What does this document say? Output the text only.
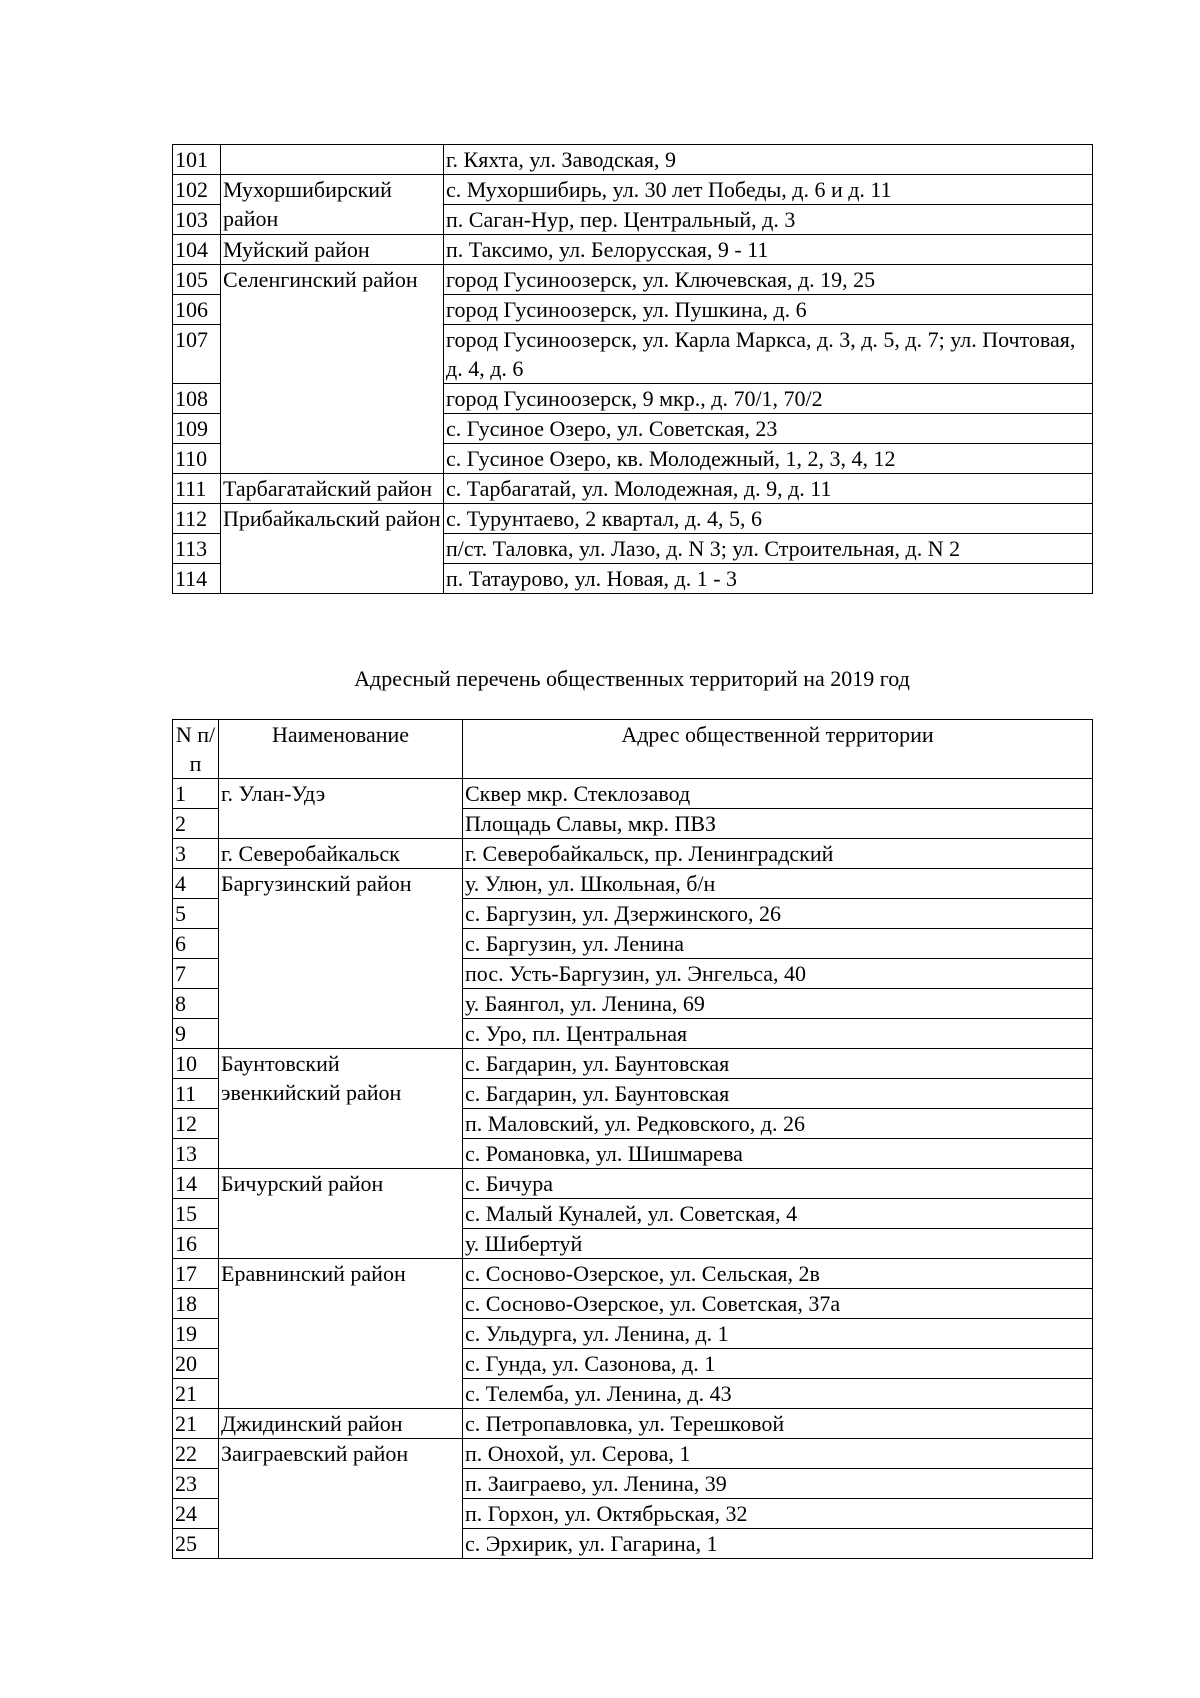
101		г. Кяхта, ул. Заводская, 9
102	Мухоршибирский район	с. Мухоршибирь, ул. 30 лет Победы, д. 6 и д. 11
103		п. Саган-Нур, пер. Центральный, д. 3
104	Муйский район	п. Таксимо, ул. Белорусская, 9 - 11
105	Селенгинский район	город Гусиноозерск, ул. Ключевская, д. 19, 25
106		город Гусиноозерск, ул. Пушкина, д. 6
107		город Гусиноозерск, ул. Карла Маркса, д. 3, д. 5, д. 7; ул. Почтовая, д. 4, д. 6
108		город Гусиноозерск, 9 мкр., д. 70/1, 70/2
109		с. Гусиное Озеро, ул. Советская, 23
110		с. Гусиное Озеро, кв. Молодежный, 1, 2, 3, 4, 12
111	Тарбагатайский район	с. Тарбагатай, ул. Молодежная, д. 9, д. 11
112	Прибайкальский район	с. Турунтаево, 2 квартал, д. 4, 5, 6
113		п/ст. Таловка, ул. Лазо, д. N 3; ул. Строительная, д. N 2
114		п. Татаурово, ул. Новая, д. 1 - 3
Адресный перечень общественных территорий на 2019 год
N п/п	Наименование	Адрес общественной территории
1	г. Улан-Удэ	Сквер мкр. Стеклозавод
2		Площадь Славы, мкр. ПВЗ
3	г. Северобайкальск	г. Северобайкальск, пр. Ленинградский
4	Баргузинский район	у. Улюн, ул. Школьная, б/н
5		с. Баргузин, ул. Дзержинского, 26
6		с. Баргузин, ул. Ленина
7		пос. Усть-Баргузин, ул. Энгельса, 40
8		у. Баянгол, ул. Ленина, 69
9		с. Уро, пл. Центральная
10	Баунтовский эвенкийский район	с. Багдарин, ул. Баунтовская
11		с. Багдарин, ул. Баунтовская
12		п. Маловский, ул. Редковского, д. 26
13		с. Романовка, ул. Шишмарева
14	Бичурский район	с. Бичура
15		с. Малый Куналей, ул. Советская, 4
16		у. Шибертуй
17	Еравнинский район	с. Сосново-Озерское, ул. Сельская, 2в
18		с. Сосново-Озерское, ул. Советская, 37а
19		с. Ульдурга, ул. Ленина, д. 1
20		с. Гунда, ул. Сазонова, д. 1
21		с. Телемба, ул. Ленина, д. 43
21	Джидинский район	с. Петропавловка, ул. Терешковой
22	Заиграевский район	п. Онохой, ул. Серова, 1
23		п. Заиграево, ул. Ленина, 39
24		п. Горхон, ул. Октябрьская, 32
25		с. Эрхирик, ул. Гагарина, 1
